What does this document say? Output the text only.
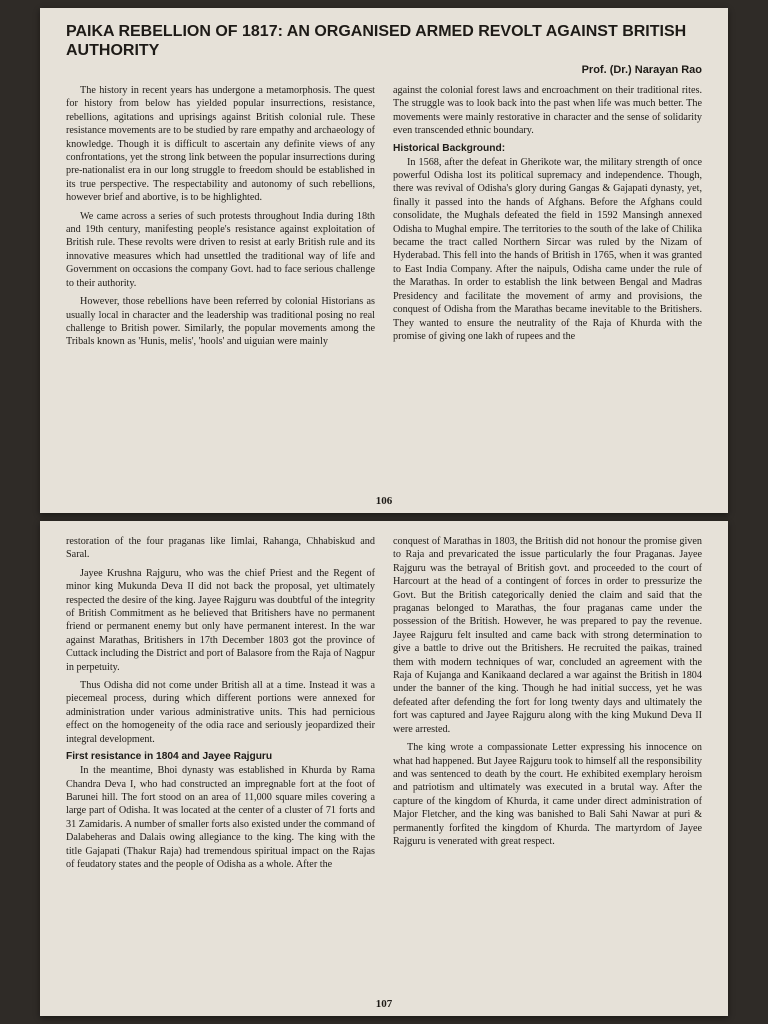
PAIKA REBELLION OF 1817: AN ORGANISED ARMED REVOLT AGAINST BRITISH AUTHORITY
Prof. (Dr.) Narayan Rao

The history in recent years has undergone a metamorphosis. The quest for history from below has yielded popular insurrections, resistance, rebellions, agitations and uprisings against British colonial rule. These resistance movements are to be studied by rare empathy and archaeology of knowledge. Though it is difficult to ascertain any definite views of any confrontations, yet the strong link between the popular insurrections during pre-nationalist era in our long struggle to freedom should be established in its true perspective. The respectability and autonomy of such rebellions, however brief and abortive, is to be highlighted.

We came across a series of such protests throughout India during 18th and 19th century, manifesting people's resistance against exploitation of British rule. These revolts were driven to resist at early British rule and its innovative measures which had unsettled the traditional way of life and Government on occasions the company Govt. had to face serious challenge to their authority.

However, those rebellions have been referred by colonial Historians as usually local in character and the leadership was traditional posing no real challenge to British power. Similarly, the popular movements among the Tribals known as 'Hunis, melis', 'hools' and uiguian were mainly

against the colonial forest laws and encroachment on their traditional rites. The struggle was to look back into the past when life was much better. The movements were mainly restorative in character and the sense of solidarity even transcended ethnic boundary.

Historical Background:

In 1568, after the defeat in Gherikote war, the military strength of once powerful Odisha lost its political supremacy and independence. Though, there was revival of Odisha's glory during Gangas & Gajapati dynasty, yet, finally it passed into the hands of Afghans. Before the Afghans could consolidate, the Mughals defeated the field in 1592 Mansingh annexed Odisha to Mughal empire. The territories to the south of the lake of Chilika became the tract called Northern Sircar was ruled by the Nizam of Hyderabad. This fell into the hands of British in 1765, when it was granted to East India Company. After the naipuls, Odisha came under the rule of the Marathas. In order to establish the link between Bengal and Madras Presidency and facilitate the movement of army and provisions, the conquest of Odisha from the Marathas became inevitable to the Britishers. They wanted to ensure the neutrality of the Raja of Khurda with the promise of giving one lakh of rupees and the

106

restoration of the four praganas like Iimlai, Rahanga, Chhabiskud and Saral.

Jayee Krushna Rajguru, who was the chief Priest and the Regent of minor king Mukunda Deva II did not back the proposal, yet ultimately respected the desire of the king. Jayee Rajguru was doubtful of the integrity of British Commitment as he believed that Britishers have no permanent friend or permanent enemy but only have permanent interest. In the war against Marathas, Britishers in 17th December 1803 got the province of Cuttack including the District and port of Balasore from the Raja of Nagpur in perpetuity.

Thus Odisha did not come under British all at a time. Instead it was a piecemeal process, during which different portions were annexed for administration under various administrative units. This had pernicious effect on the homogeneity of the odia race and seriously jeopardized their integral development.

First resistance in 1804 and Jayee Rajguru

In the meantime, Bhoi dynasty was established in Khurda by Rama Chandra Deva I, who had constructed an impregnable fort at the foot of Barunei hill. The fort stood on an area of 11,000 square miles covering a large part of Odisha. It was located at the center of a cluster of 71 forts and 31 Zamidaris. A number of smaller forts also existed under the command of Dalabeheras and Dalais owing allegiance to the king. The king with the title Gajapati (Thakur Raja) had tremendous spiritual impact on the Rajas of feudatory states and the people of Odisha as a whole. After the

conquest of Marathas in 1803, the British did not honour the promise given to Raja and prevaricated the issue particularly the four Praganas. Jayee Rajguru was the betrayal of British govt. and proceeded to the court of Harcourt at the head of a contingent of forces in order to pressurize the Govt. But the British categorically denied the claim and said that the praganas belonged to Marathas, the four praganas came under the possession of the British. However, he was prepared to pay the revenue. Jayee Rajguru felt insulted and came back with strong determination to give a battle to drive out the Britishers. He recruited the paikas, trained them with modern techniques of war, concluded an agreement with the Raja of Kujanga and Kanikaand declared a war against the British in 1804 under the banner of the king. Though he had initial success, yet he was defeated after defending the fort for long twenty days and ultimately the fort was captured and Jayee Rajguru along with the king Mukund Deva II were arrested.

The king wrote a compassionate Letter expressing his innocence on what had happened. But Jayee Rajguru took to himself all the responsibility and was sentenced to death by the court. He exhibited exemplary heroism and patriotism and ultimately was executed in a brutal way. After the capture of the kingdom of Khurda, it came under direct administration of Major Fletcher, and the king was banished to Bali Sahi Nawar at puri & permanently forfited the kingdom of Khurda. The martyrdom of Jayee Rajguru is venerated with great respect.

107
